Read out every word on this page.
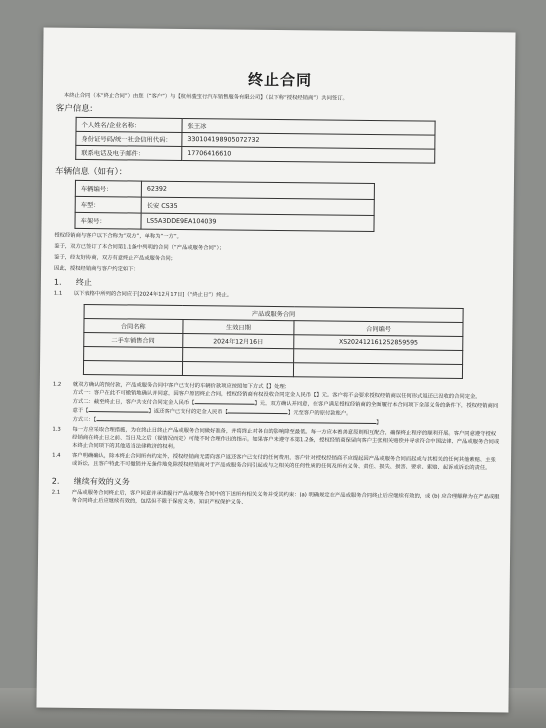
终止合同
本終止合同（本“終止合同”）由您（“客户”）与【杭州骏宝行汽车销售服务有限公司】（以下称“授权经销商”）共同签订。
客户信息:
个人姓名/企业名称：	张王冰
身份证号码/统一社会信用代码：	330104198905072732
联系电话及电子邮件：	17706416610
车辆信息（如有）：
车辆编号：	62392
车型：	长安 CS35
车架号：	LS5A3DDE9EA104039
授权经销商与客户以下合称为“双方”，单称为“一方”。
鉴于，双方已签订了本合同第1.1条中列明的合同（“产品或服务合同”）；
鉴于，经友好协商，双方有意终止产品或服务合同；
因此，授权经销商与客户约定如下：
1. 终止
1.1 以下表格中所列的合同应于[2024年12月17日]（“終止日”）终止。
产品或服务合同		
合同名称	生效日期	合同编号
二手车销售合同	2024年12月16日	XS20241216125285959​5

1.2 就双方确认的预付款，产品或服务合同中客户已支付的车辆价款项应按照如下方式【】处理:
方式一：客户在此不可撤销地确认并同意，因客户原因终止合同，授权经销商有权没收合同定金人民币【】元。客户将不会要求授权经销商以任何形式返还已没收的合同定金。
方式二：截至终止日，客户共支付合同定金人民币【	】元，双方确认并同意，在客户满足授权经销商的全面履行本合同项下全部义务的条件下，授权经销商同意于【	】返还客户已支付的定金人民币【	】元至客户的原付款账户。
方式三：【	】
1.3 每一方应采取合理措施，为在终止日终止产品或服务合同做好准备，并将终止对各自的影响降至最低。每一方应本着善意原则相互配合，确保终止程序的顺利开展。客户同意遵守授权经销商在终止日之前、当日及之后（视情况而定）可能不时合理作出的指示。如果客户未遵守本第1.2条，授权经销商保留向客户主张相关赔偿并寻求符合中国法律、产品或服务合同或本终止合同项下的其他适当法律救济的权利。
1.4 客户明确确认，除本终止合同所有约定外，授权经销商无需向客户返还客户已支付的任何费用，客户针对授权经销商不应提起因产品或服务合同而起或与其相关的任何其他索赔、主张或诉讼，且客户特此不可撤销并无条件地免除授权经销商对于产品或服务合同引起或与之相关的任何性质的任何及所有义务、责任、损失、损害、要求、索赔、起诉或诉讼的责任。
2. 继续有效的义务
2.1 产品或服务合同终止后，客户同意并承诺履行产品或服务合同中的下述所有相关义务并受其约束：(a) 明确规定在产品或服务合同终止后应继续有效的，或 (b) 应合理解释为在产品或服务合同终止后应继续有效的，包括但不限于保密义务、知识产权保护义务、
